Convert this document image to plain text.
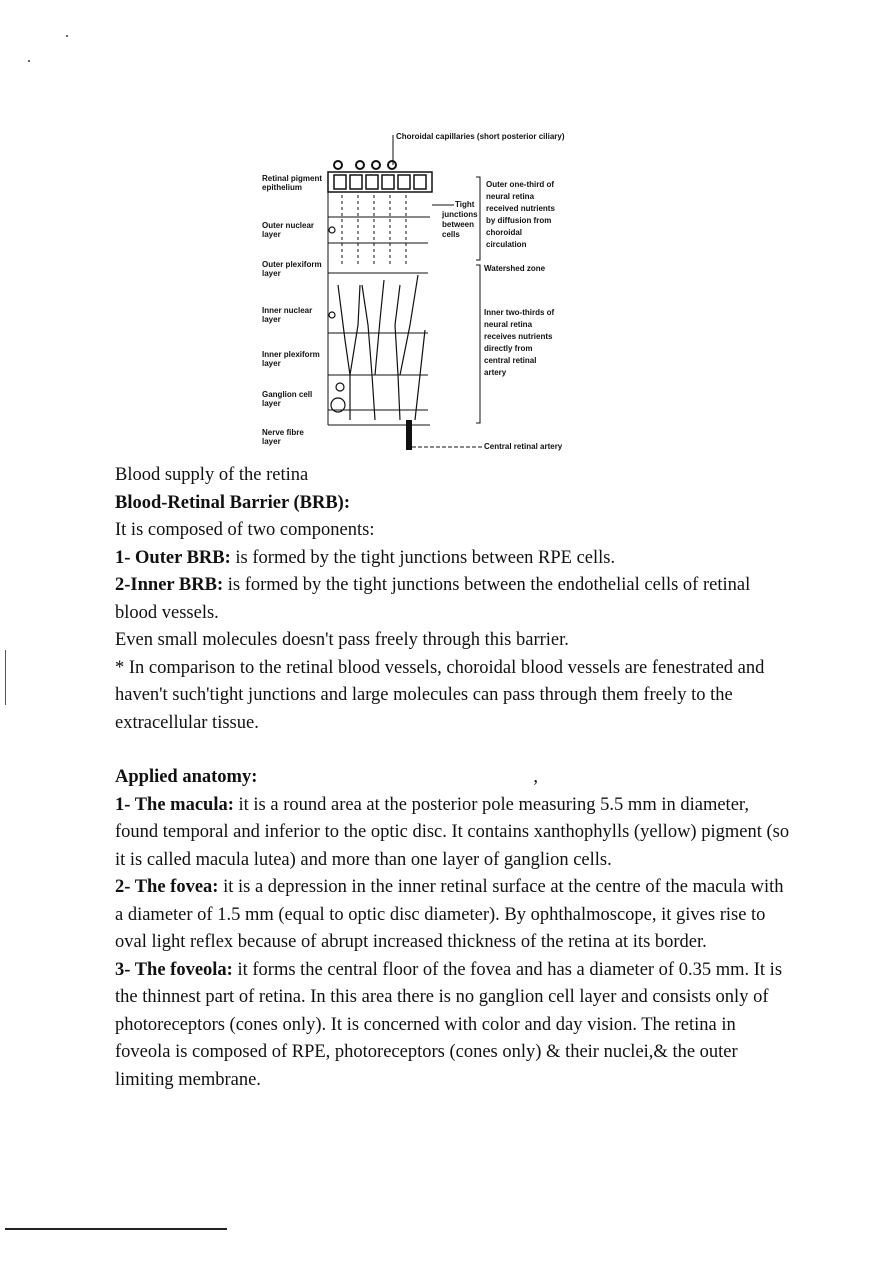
Choroidal capillaries (short posterior ciliary)
Central retinal artery
Retinal pigment
epithelium
Outer nuclear
layer
Outer plexiform
layer
Inner nuclear
layer
Inner plexiform
layer
Ganglion cell
layer
Nerve fibre
layer
Tight
junctions
between
cells
Outer one-third of
neural retina
received nutrients
by diffusion from
choroidal
circulation
Watershed zone
Inner two-thirds of
neural retina
receives nutrients
directly from
central retinal
artery

Blood supply of the retina

Blood-Retinal Barrier (BRB):

It is composed of two components:

1- Outer BRB: is formed by the tight junctions between RPE cells.

2-Inner BRB: is formed by the tight junctions between the endothelial cells of retinal blood vessels.

Even small molecules doesn't pass freely through this barrier.

* In comparison to the retinal blood vessels, choroidal blood vessels are fenestrated and haven't such'tight junctions and large molecules can pass through them freely to the extracellular tissue.

Applied anatomy:	,

1- The macula: it is a round area at the posterior pole measuring 5.5 mm in diameter, found temporal and inferior to the optic disc. It contains xanthophylls (yellow) pigment (so it is called macula lutea) and more than one layer of ganglion cells.

2- The fovea: it is a depression in the inner retinal surface at the centre of the macula with a diameter of 1.5 mm (equal to optic disc diameter). By ophthalmoscope, it gives rise to oval light reflex because of abrupt increased thickness of the retina at its border.

3- The foveola: it forms the central floor of the fovea and has a diameter of 0.35 mm. It is the thinnest part of retina. In this area there is no ganglion cell layer and consists only of photoreceptors (cones only). It is concerned with color and day vision. The retina in foveola is composed of RPE, photoreceptors (cones only) & their nuclei,& the outer limiting membrane.
